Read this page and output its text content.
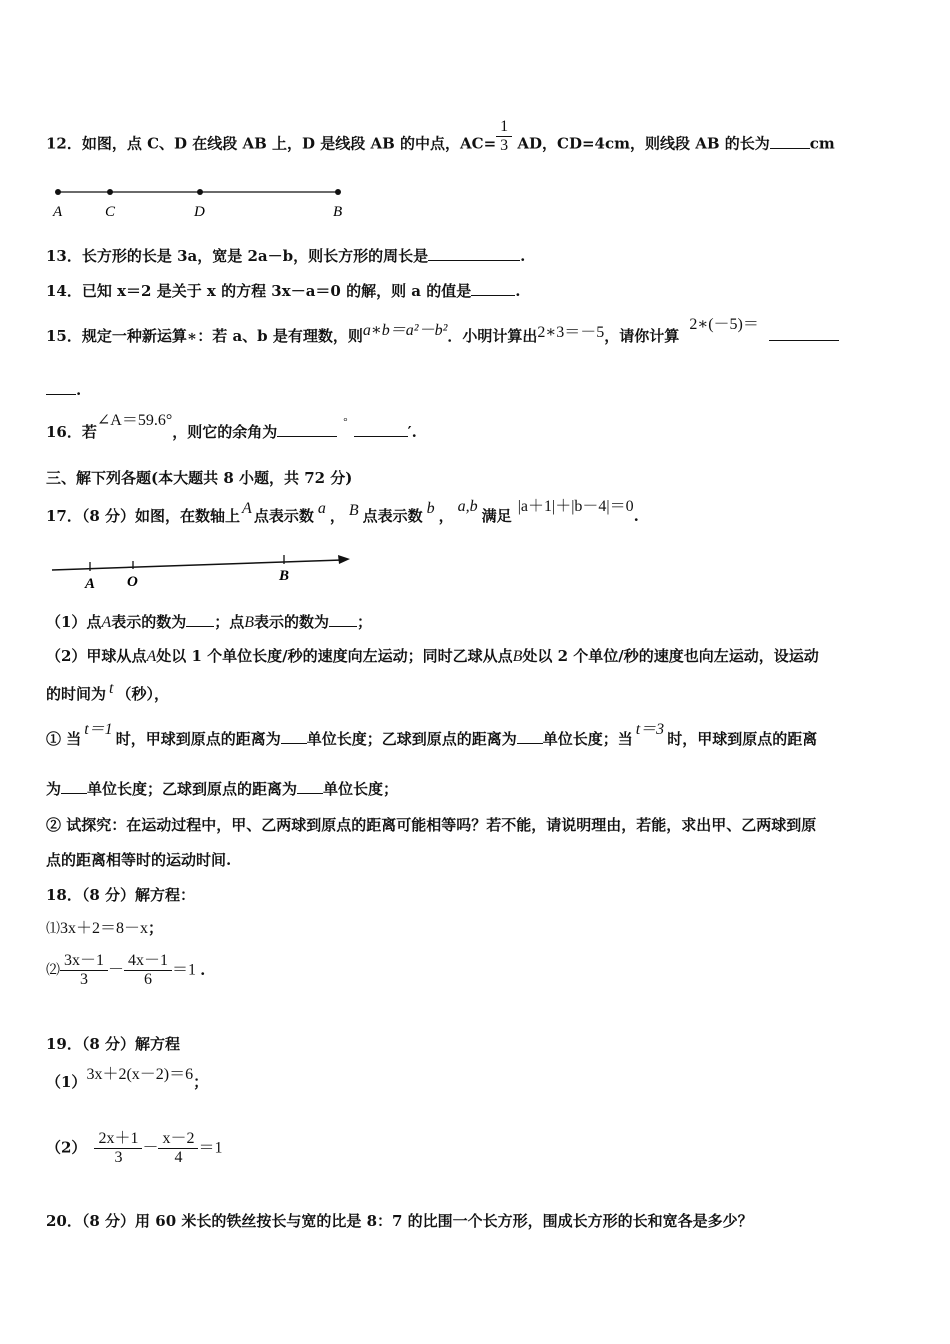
12．如图，点 C、D 在线段 AB 上，D 是线段 AB 的中点，$AC= \frac{1}{3}$ AD，CD=4cm，则线段 AB 的长为	cm
A	C	D	B
13．长方形的长是 3a，宽是 2a－b，则长方形的周长是	.
14．已知 x＝2 是关于 x 的方程 3x－a＝0 的解，则 a 的值是	.
15．规定一种新运算∗：若 a、b 是有理数，则a∗b＝a²－b²．小明计算出2∗3＝－5，请你计算2∗(－5)＝
.
16．若∠A＝59.6°，则它的余角为°′.
三、解下列各题(本大题共 8 小题，共 72 分)
17．（8 分）如图，在数轴上 A 点表示数 a ， B 点表示数 b ，a,b满足|a＋1|＋|b－4|＝0.
A O	B
（1）点A表示的数为 ；点B表示的数为 ；
（2）甲球从点A处以 1 个单位长度/秒的速度向左运动；同时乙球从点B处以 2 个单位/秒的速度也向左运动，设运动
的时间为 t （秒），
① 当t＝1时，甲球到原点的距离为 单位长度；乙球到原点的距离为 单位长度；当t＝3时，甲球到原点的距离
为 单位长度；乙球到原点的距离为 单位长度；
② 试探究：在运动过程中，甲、乙两球到原点的距离可能相等吗？若不能，请说明理由，若能，求出甲、乙两球到原
点的距离相等时的运动时间.
18．（8 分）解方程：
⑴3x＋2＝8－x；
⑵ $\frac{3x-1}{3} - \frac{4x-1}{6} =1$ .
19．（8 分）解方程
（1）3x＋2(x－2)＝6；
$(2) \frac{2x+1}{3} - \frac{x-2}{4} =1$
20．（8 分）用 60 米长的铁丝按长与宽的比是 8：7 的比围一个长方形，围成长方形的长和宽各是多少？
